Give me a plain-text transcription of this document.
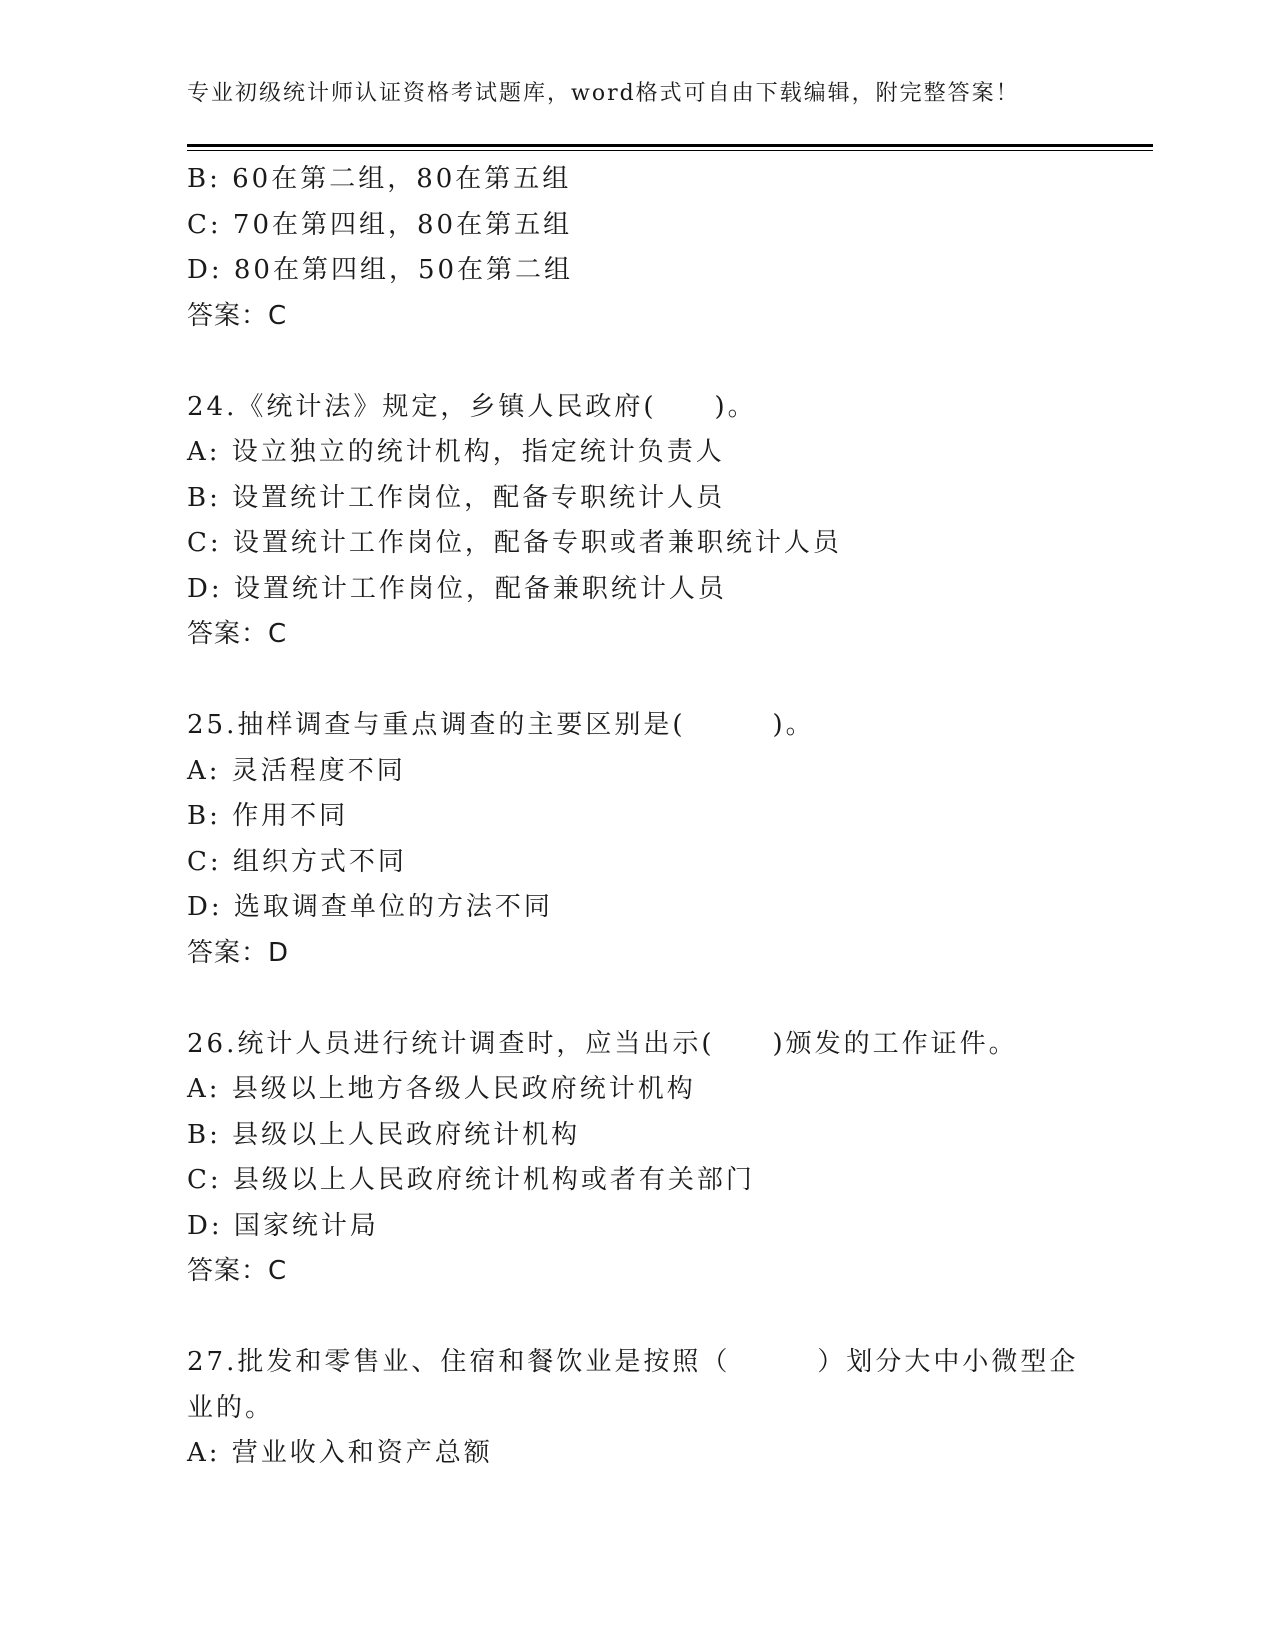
专业初级统计师认证资格考试题库，word格式可自由下载编辑，附完整答案！
B: 60在第二组，80在第五组
C: 70在第四组，80在第五组
D: 80在第四组，50在第二组
答案：C
24.《统计法》规定，乡镇人民政府(　　)。
A: 设立独立的统计机构，指定统计负责人
B: 设置统计工作岗位，配备专职统计人员
C: 设置统计工作岗位，配备专职或者兼职统计人员
D: 设置统计工作岗位，配备兼职统计人员
答案：C
25.抽样调查与重点调查的主要区别是(　　　)。
A: 灵活程度不同
B: 作用不同
C: 组织方式不同
D: 选取调查单位的方法不同
答案：D
26.统计人员进行统计调查时，应当出示(　　)颁发的工作证件。
A: 县级以上地方各级人民政府统计机构
B: 县级以上人民政府统计机构
C: 县级以上人民政府统计机构或者有关部门
D: 国家统计局
答案：C
27.批发和零售业、住宿和餐饮业是按照（　　　）划分大中小微型企
业的。
A: 营业收入和资产总额
